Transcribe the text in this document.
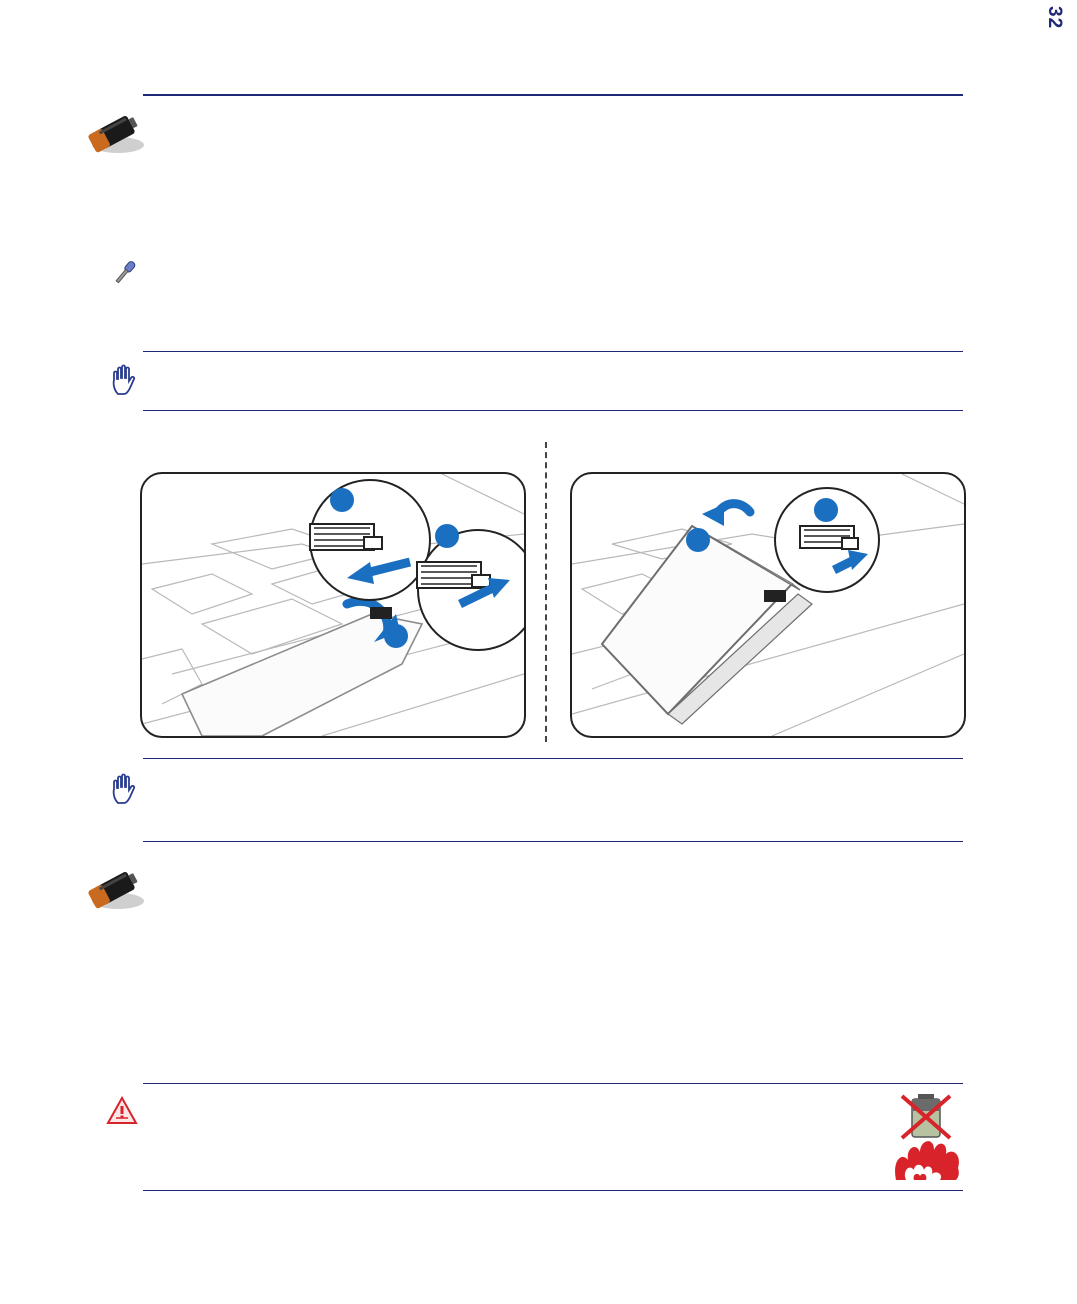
32
